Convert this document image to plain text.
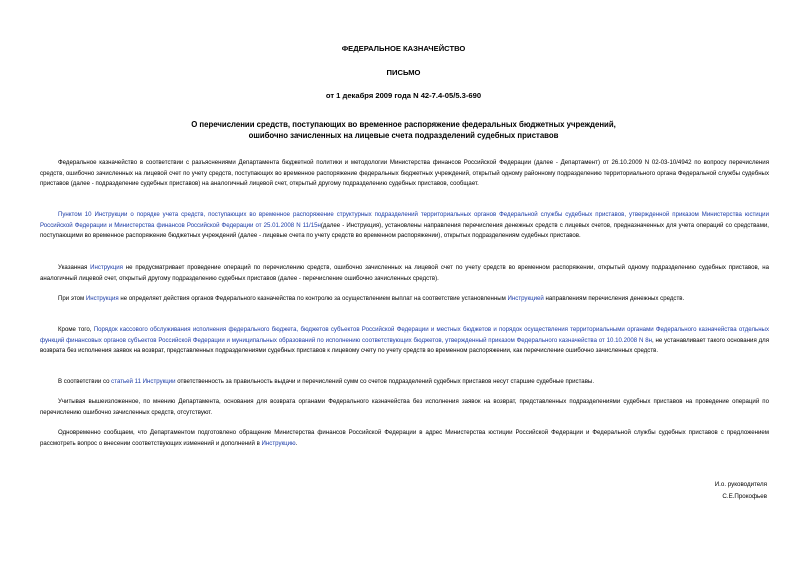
ФЕДЕРАЛЬНОЕ КАЗНАЧЕЙСТВО
ПИСЬМО
от 1 декабря 2009 года N 42-7.4-05/5.3-690
О перечислении средств, поступающих во временное распоряжение федеральных бюджетных учреждений,
ошибочно зачисленных на лицевые счета подразделений судебных приставов

Федеральное казначейство в соответствии с разъяснениями Департамента бюджетной политики и методологии Министерства финансов Российской Федерации (далее - Департамент) от 26.10.2009 N 02-03-10/4942 по вопросу перечисления средств, ошибочно зачисленных на лицевой счет по учету средств, поступающих во временное распоряжение федеральных бюджетных учреждений, открытый одному районному подразделению территориального органа Федеральной службы судебных приставов (далее - подразделение судебных приставов) на аналогичный лицевой счет, открытый другому подразделению судебных приставов, сообщает.

Пунктом 10 Инструкции о порядке учета средств, поступающих во временное распоряжение структурных подразделений территориальных органов Федеральной службы судебных приставов, утвержденной приказом Министерства юстиции Российской Федерации и Министерства финансов Российской Федерации от 25.01.2008 N 11/15н(далее - Инструкция), установлены направления перечисления денежных средств с лицевых счетов, предназначенных для учета операций со средствами, поступающими во временное распоряжение бюджетных учреждений (далее - лицевые счета по учету средств во временном распоряжении), открытых подразделениям судебных приставов.

Указанная Инструкция не предусматривает проведение операций по перечислению средств, ошибочно зачисленных на лицевой счет по учету средств во временном распоряжении, открытый одному подразделению судебных приставов, на аналогичный лицевой счет, открытый другому подразделению судебных приставов (далее - перечисление ошибочно зачисленных средств).

При этом Инструкция не определяет действия органов Федерального казначейства по контролю за осуществлением выплат на соответствие установленным Инструкцией направлениям перечисления денежных средств.

Кроме того, Порядок кассового обслуживания исполнения федерального бюджета, бюджетов субъектов Российской Федерации и местных бюджетов и порядок осуществления территориальными органами Федерального казначейства отдельных функций финансовых органов субъектов Российской Федерации и муниципальных образований по исполнению соответствующих бюджетов, утвержденный приказом Федерального казначейства от 10.10.2008 N 8н, не устанавливает такого основания для возврата без исполнения заявок на возврат, представленных подразделениями судебных приставов к лицевому счету по учету средств во временном распоряжении, как перечисление ошибочно зачисленных средств.

В соответствии со статьей 11 Инструкции ответственность за правильность выдачи и перечислений сумм со счетов подразделений судебных приставов несут старшие судебные приставы.

Учитывая вышеизложенное, по мнению Департамента, основания для возврата органами Федерального казначейства без исполнения заявок на возврат, представленных подразделениями судебных приставов на проведение операций по перечислению ошибочно зачисленных средств, отсутствуют.

Одновременно сообщаем, что Департаментом подготовлено обращение Министерства финансов Российской Федерации в адрес Министерства юстиции Российской Федерации и Федеральной службы судебных приставов с предложением рассмотреть вопрос о внесении соответствующих изменений и дополнений в Инструкцию.

И.о. руководителя
С.Е.Прокофьев
